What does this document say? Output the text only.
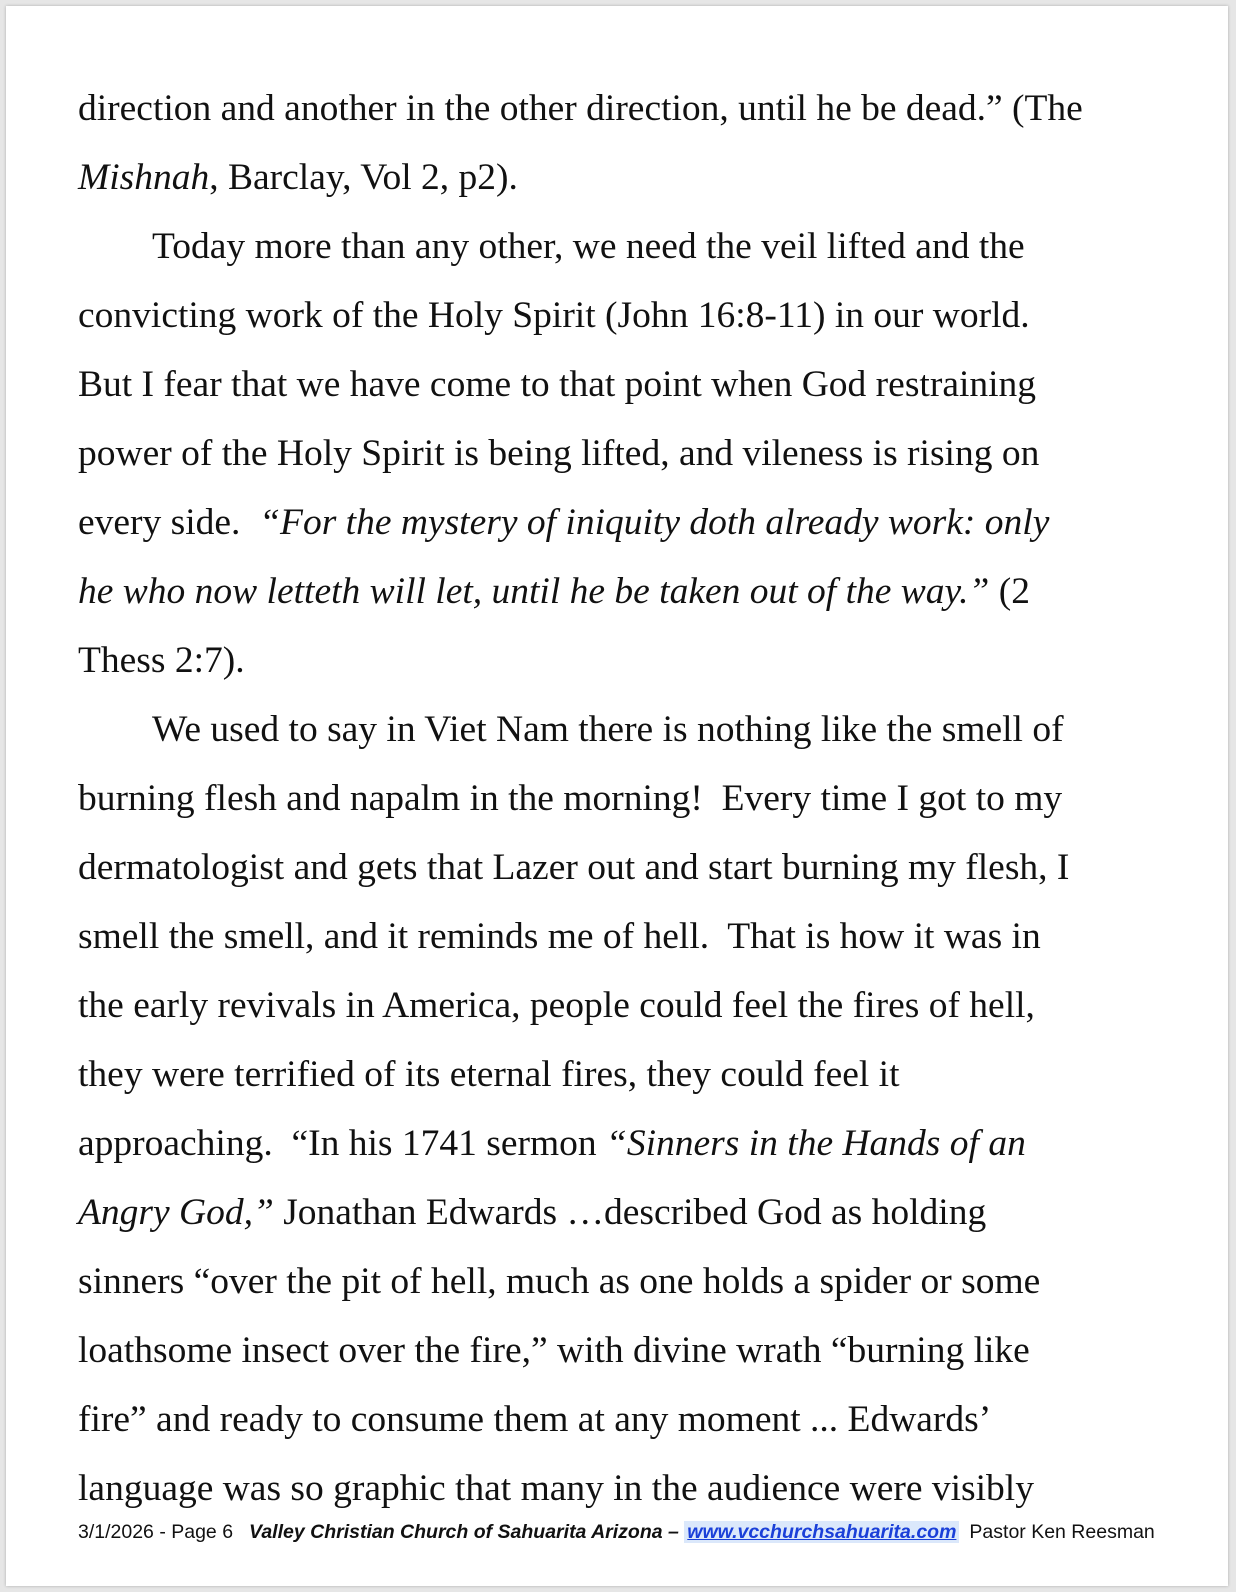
direction and another in the other direction, until he be dead.” (The
Mishnah, Barclay, Vol 2, p2).
Today more than any other, we need the veil lifted and the
convicting work of the Holy Spirit (John 16:8-11) in our world.
But I fear that we have come to that point when God restraining
power of the Holy Spirit is being lifted, and vileness is rising on
every side.  “For the mystery of iniquity doth already work: only
he who now letteth will let, until he be taken out of the way.” (2
Thess 2:7).
We used to say in Viet Nam there is nothing like the smell of
burning flesh and napalm in the morning!  Every time I got to my
dermatologist and gets that Lazer out and start burning my flesh, I
smell the smell, and it reminds me of hell.  That is how it was in
the early revivals in America, people could feel the fires of hell,
they were terrified of its eternal fires, they could feel it
approaching.  “In his 1741 sermon “Sinners in the Hands of an
Angry God,” Jonathan Edwards …described God as holding
sinners “over the pit of hell, much as one holds a spider or some
loathsome insect over the fire,” with divine wrath “burning like
fire” and ready to consume them at any moment ... Edwards’
language was so graphic that many in the audience were visibly
3/1/2026 - Page 6 Valley Christian Church of Sahuarita Arizona – www.vcchurchsahuarita.com Pastor Ken Reesman
